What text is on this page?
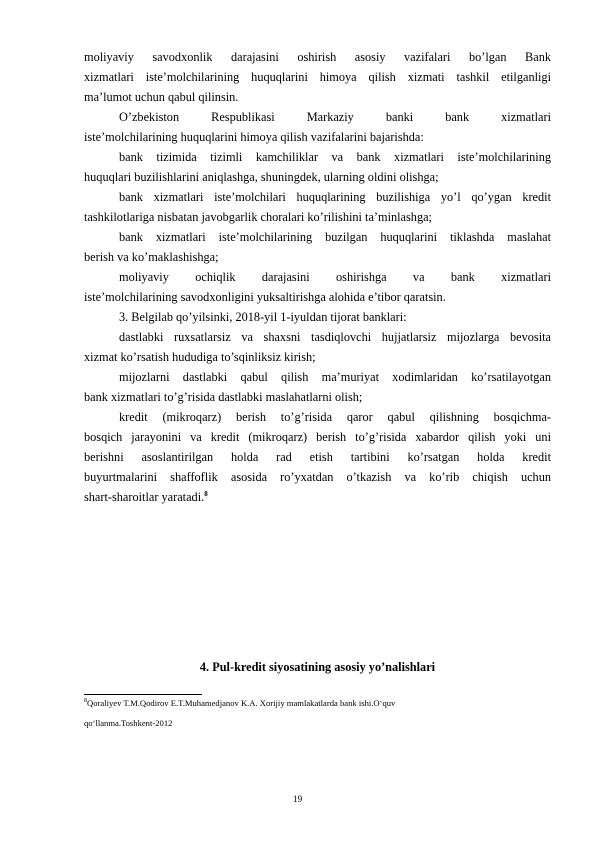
moliyaviy savodxonlik darajasini oshirish asosiy vazifalari bo’lgan Bank

xizmatlari iste’molchilarining huquqlarini himoya qilish xizmati tashkil etilganligi

ma’lumot uchun qabul qilinsin.

O’zbekiston Respublikasi Markaziy banki bank xizmatlari

iste’molchilarining huquqlarini himoya qilish vazifalarini bajarishda:

bank tizimida tizimli kamchiliklar va bank xizmatlari iste’molchilarining

huquqlari buzilishlarini aniqlashga, shuningdek, ularning oldini olishga;

bank xizmatlari iste’molchilari huquqlarining buzilishiga yo’l qo’ygan kredit

tashkilotlariga nisbatan javobgarlik choralari ko’rilishini ta’minlashga;

bank xizmatlari iste’molchilarining buzilgan huquqlarini tiklashda maslahat

berish va ko’maklashishga;

moliyaviy ochiqlik darajasini oshirishga va bank xizmatlari

iste’molchilarining savodxonligini yuksaltirishga alohida e’tibor qaratsin.

3. Belgilab qo’yilsinki, 2018-yil 1-iyuldan tijorat banklari:

dastlabki ruxsatlarsiz va shaxsni tasdiqlovchi hujjatlarsiz mijozlarga bevosita

xizmat ko’rsatish hududiga to’sqinliksiz kirish;

mijozlarni dastlabki qabul qilish ma’muriyat xodimlaridan ko’rsatilayotgan

bank xizmatlari to’g’risida dastlabki maslahatlarni olish;

kredit (mikroqarz) berish to’g’risida qaror qabul qilishning bosqichma-

bosqich jarayonini va kredit (mikroqarz) berish to’g’risida xabardor qilish yoki uni

berishni asoslantirilgan holda rad etish tartibini ko’rsatgan holda kredit

buyurtmalarini shaffoflik asosida ro’yxatdan o’tkazish va ko’rib chiqish uchun

shart-sharoitlar yaratadi.$^8$

4. Pul-kredit siyosatining asosiy yo’nalishlari

$^8$Qoraliyev T.M.Qodirov E.T.Muhamedjanov K.A. Xorijiy mamlakatlarda bank ishi.O‘quv

qo‘llanma.Toshkent-2012

19
